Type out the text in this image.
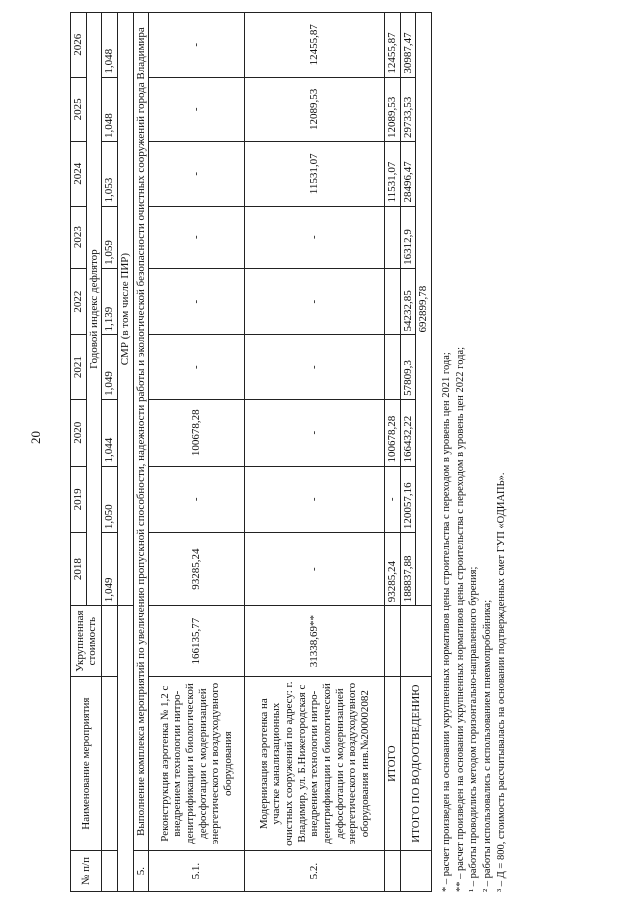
20
№ п/п	Наименование мероприятия	Укрупненная стоимость	2018	2019	2020	2021	2022	2023	2024	2025	2026
			Годовой индекс дефлятор								
			1,049	1,050	1,044	1,049	1,139	1,059	1,053	1,048	1,048
			СМР (в том числе ПИР)								
5.	Выполнение комплекса мероприятий по увеличению пропускной способности, надежности работы и экологической безопасности очистных сооружений города Владимира										
5.1.	Реконструкция аэротенка № 1,2 с внедрением технологии нитро-денитрификации и биологической дефосфотации с модернизацией энергетического и воздуходувного оборудования	166135,77	93285,24	-	100678,28	-	-	-	-	-	-
5.2.	Модернизация аэротенка на участке канализационных очистных сооружений по адресу: г. Владимир, ул. Б.Нижегородская с внедрением технологии нитро-денитрификации и биологической дефосфотации с модернизацией энергетического и воздуходувного оборудования инв.№200002082	31338,69**	-	-	-	-	-	-	11531,07	12089,53	12455,87
	ИТОГО		93285,24	-	100678,28				11531,07	12089,53	12455,87
	ИТОГО ПО ВОДООТВЕДЕНИЮ		188837,88	120057,16	166432,22	57809,3	54232,85	16312,9	28496,47	29733,53	30987,47
			692899,78								
* – расчет произведен на основании укрупненных нормативов цены строительства с переходом в уровень цен 2021 года; ** – расчет произведен на основании укрупненных нормативов цены строительства с переходом в уровень цен 2022 года; ¹ – работы проводились методом горизонтально-направленного бурения; ² – работы использовались с использованием пневмопробойника; ³ – Д = 800, стоимость рассчитывалась на основании подтвержденных смет ГУП «ОДИАПЬ».
